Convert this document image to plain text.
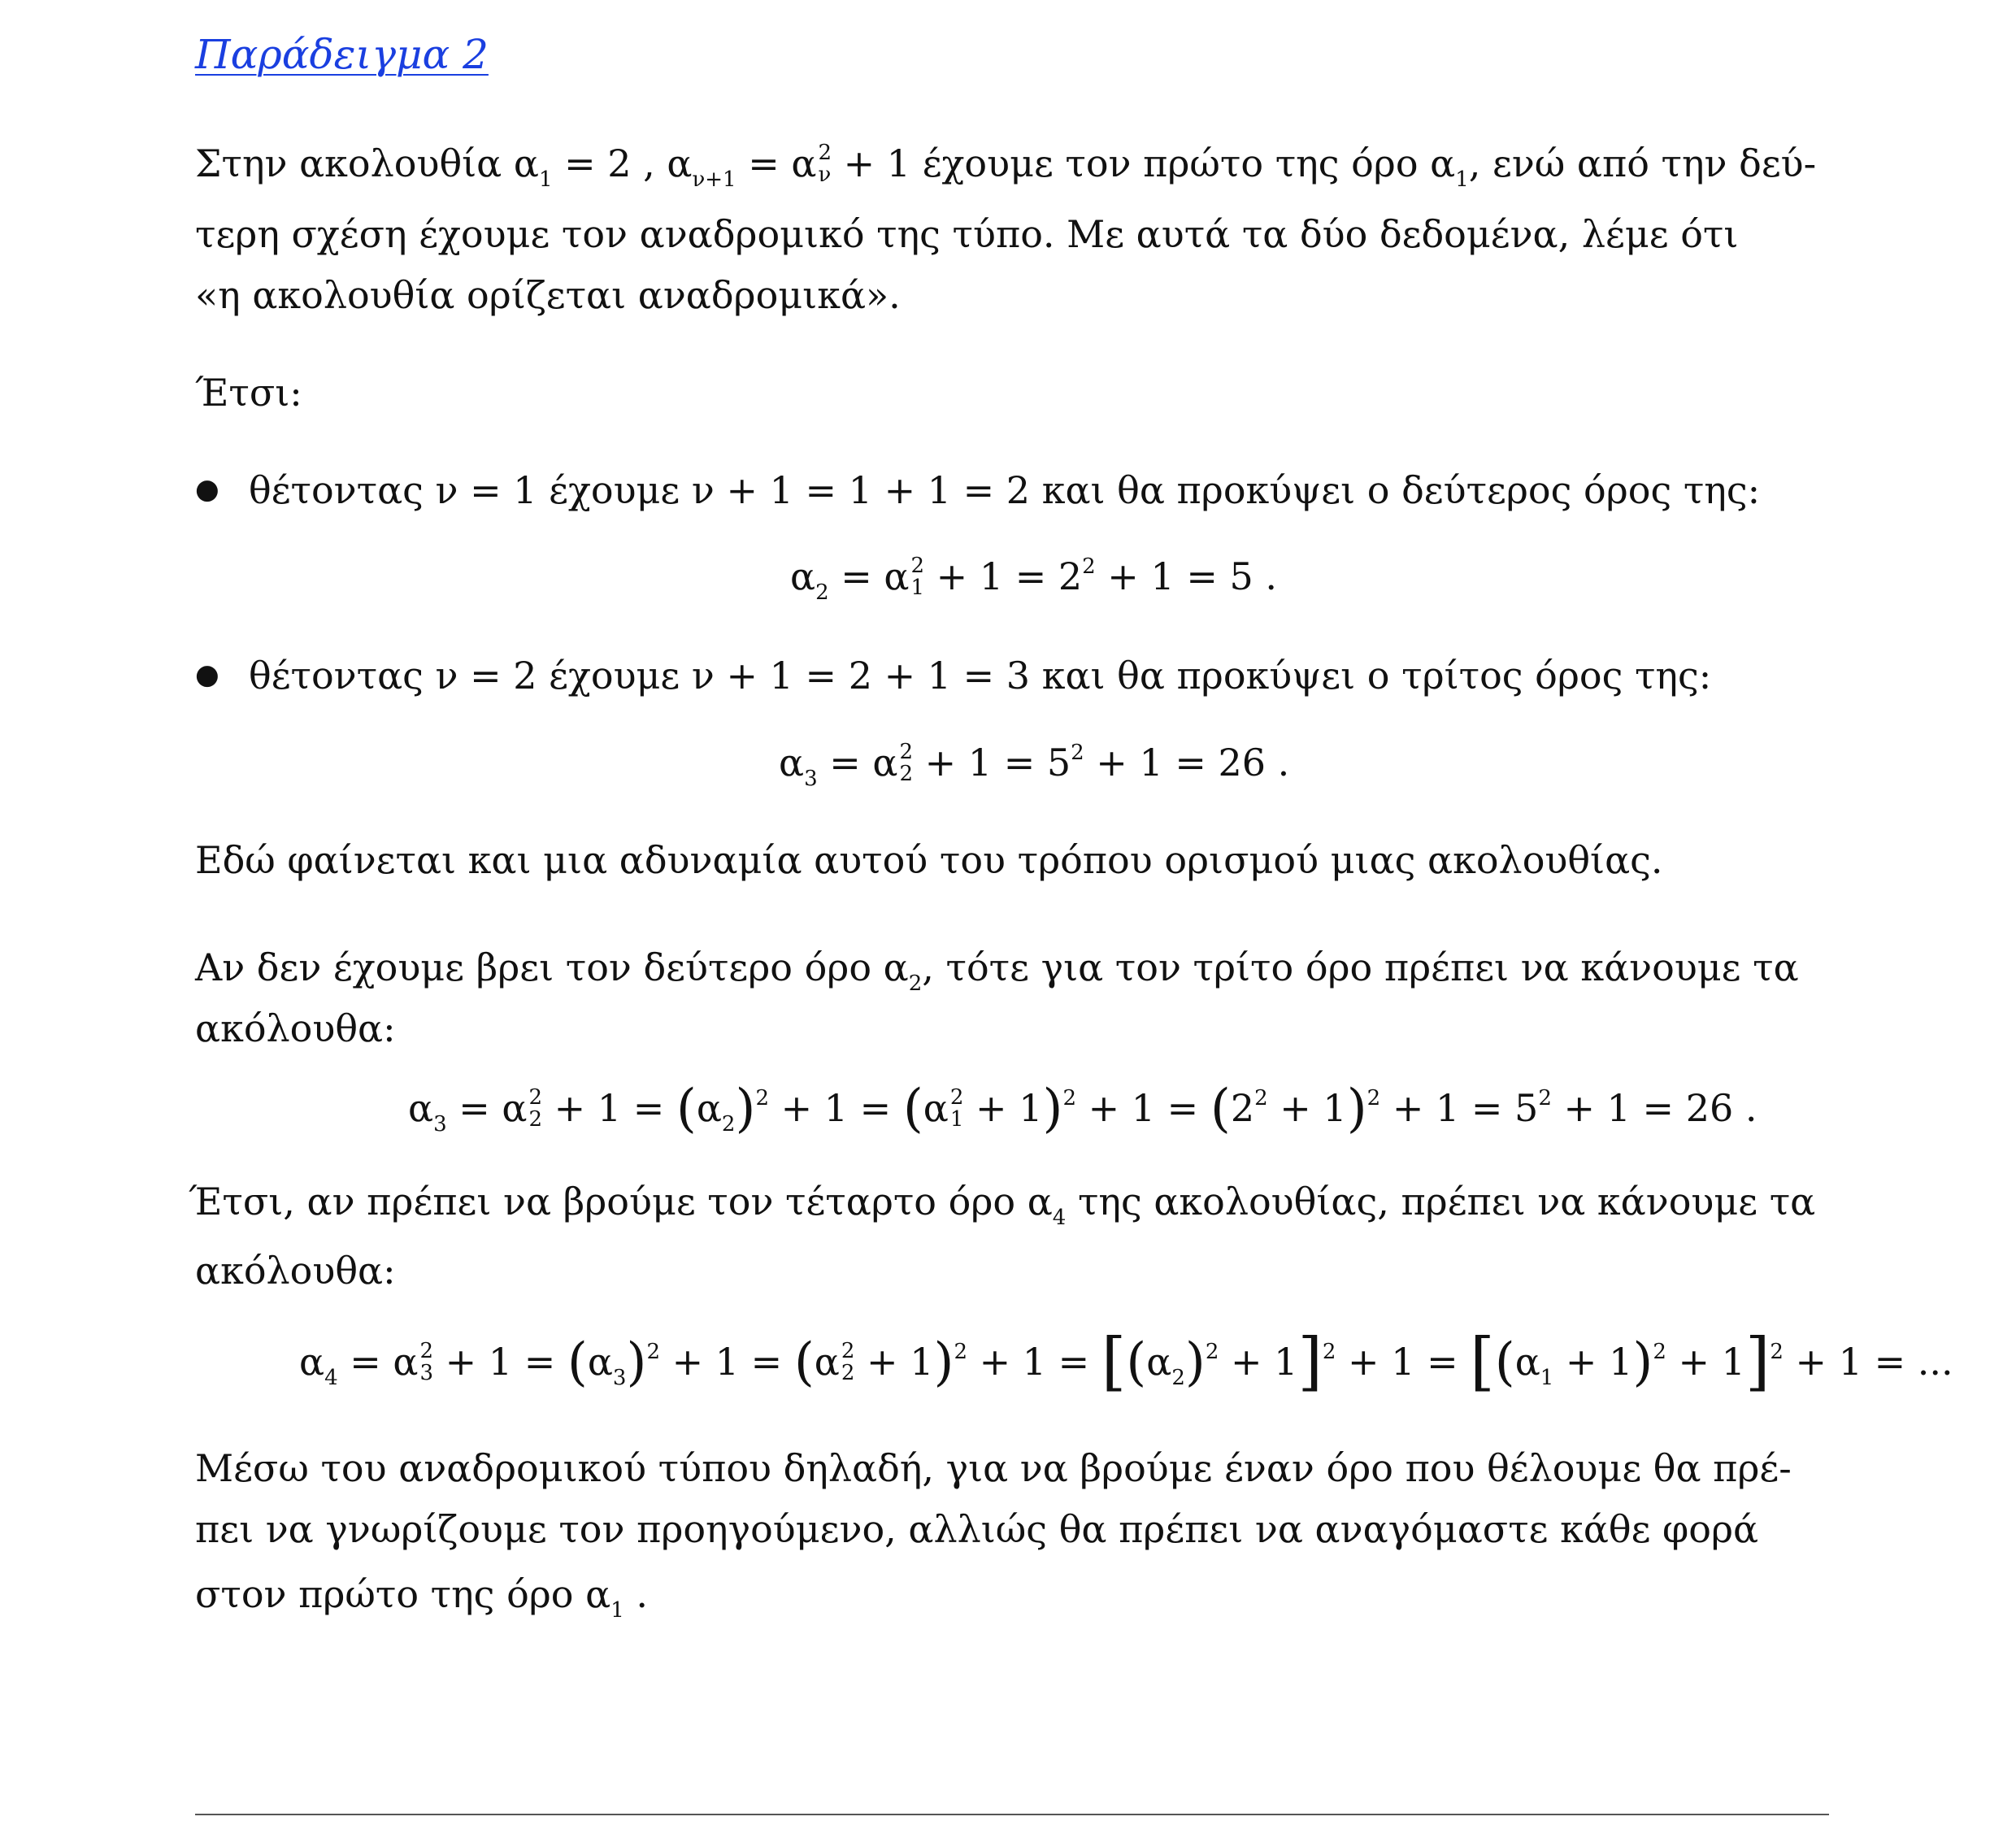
Παράδειγμα 2
Στην ακολουθία $\alpha_1 = 2$ , $\alpha_{\nu+1} = \alpha$ 2
ν + 1 έχουμε τον πρώτο της όρο $\alpha_1$, ενώ από την δεύ-
τερη σχέση έχουμε τον αναδρομικό της τύπο. Με αυτά τα δύο δεδομένα, λέμε ότι
«η ακολουθία ορίζεται αναδρομικά».
Έτσι:
● θέτοντας ν = 1 έχουμε ν + 1 = 1 + 1 = 2 και θα προκύψει ο δεύτερος όρος της:
$\alpha_2 = \alpha$ 2
$1 + 1 = 2^2 + 1 = 5$ .
● θέτοντας ν = 2 έχουμε ν + 1 = 2 + 1 = 3 και θα προκύψει ο τρίτος όρος της:
$\alpha_3 = \alpha$ 2
$2 + 1 = 5^2 + 1 = 26$ .
Εδώ φαίνεται και μια αδυναμία αυτού του τρόπου ορισμού μιας ακολουθίας.
Αν δεν έχουμε βρει τον δεύτερο όρο $\alpha_2$, τότε για τον τρίτο όρο πρέπει να κάνουμε τα
ακόλουθα:
$\alpha_3 = \alpha$ 2
$2 + 1 = (\alpha_2)^2 + 1 = (\alpha$ 2
$1 + 1)^2 + 1 = (2^2 + 1)^2 + 1 = 5^2 + 1 = 26$ .
Έτσι, αν πρέπει να βρούμε τον τέταρτο όρο $\alpha_4$ της ακολουθίας, πρέπει να κάνουμε τα
ακόλουθα:
$\alpha_4 = \alpha$ 2
$3 + 1 = (\alpha_3)^2 + 1 = (\alpha$ 2
$2 + 1)^2 + 1 = [(\alpha_2)^2 + 1]^2 + 1 = [(\alpha_1 + 1)^2 + 1]^2 + 1$ = ...
Μέσω του αναδρομικού τύπου δηλαδή, για να βρούμε έναν όρο που θέλουμε θα πρέ-
πει να γνωρίζουμε τον προηγούμενο, αλλιώς θα πρέπει να αναγόμαστε κάθε φορά
στον πρώτο της όρο $\alpha_1$ .
